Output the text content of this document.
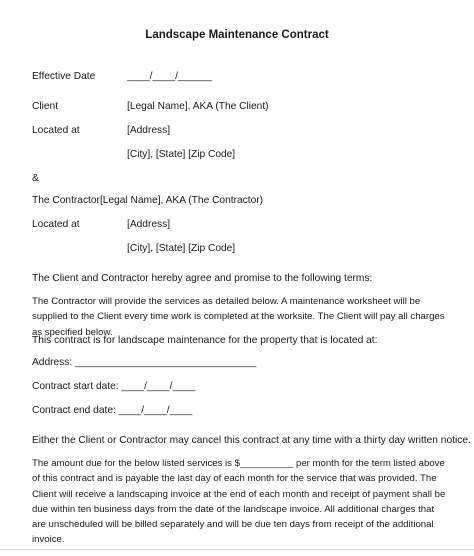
Landscape Maintenance Contract
Effective Date	____/____/______
Client	[Legal Name], AKA (The Client)
Located at	[Address]
[City], [State] [Zip Code]
&
The Contractor[Legal Name], AKA (The Contractor)
Located at	[Address]
[City], [State] [Zip Code]
The Client and Contractor hereby agree and promise to the following terms:
The Contractor will provide the services as detailed below. A maintenance worksheet will be supplied to the Client every time work is completed at the worksite. The Client will pay all charges as specified below.
This contract is for landscape maintenance for the property that is located at:
Address: ________________________________
Contract start date: ____/____/____
Contract end date: ____/____/____
Either the Client or Contractor may cancel this contract at any time with a thirty day written notice.
The amount due for the below listed services is $__________ per month for the term listed above of this contract and is payable the last day of each month for the service that was provided. The Client will receive a landscaping invoice at the end of each month and receipt of payment shall be due within ten business days from the date of the landscape invoice. All additional charges that are unscheduled will be billed separately and will be due ten days from receipt of the additional invoice.
